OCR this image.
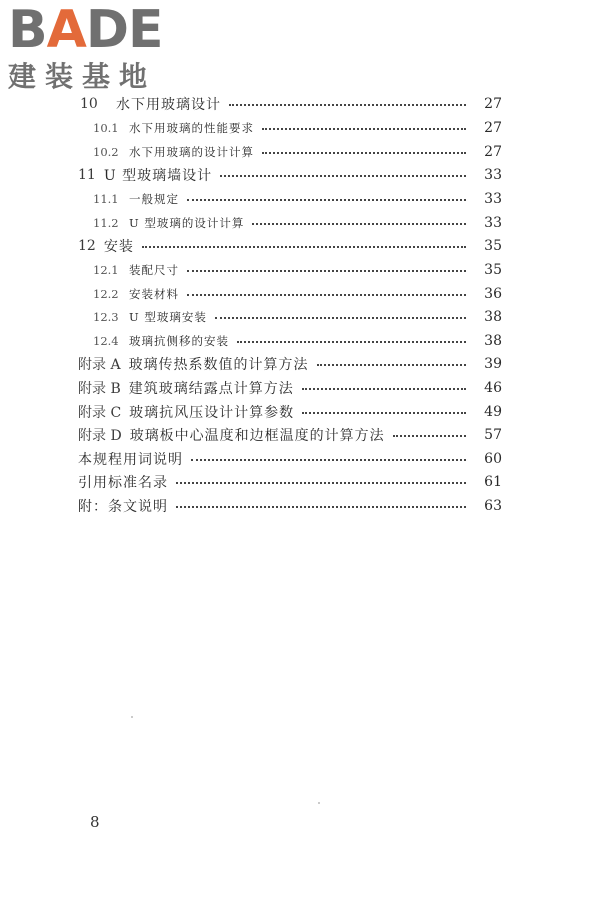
BADE
建装基地
10	水下用玻璃设计	27
10.1 水下用玻璃的性能要求	27
10.2 水下用玻璃的设计计算	27
11 U 型玻璃墙设计	33
11.1 一般规定	33
11.2 U 型玻璃的设计计算	33
12 安装	35
12.1 装配尺寸	35
12.2 安装材料	36
12.3 U 型玻璃安装	38
12.4 玻璃抗侧移的安装	38
附录 A 玻璃传热系数值的计算方法	39
附录 B 建筑玻璃结露点计算方法	46
附录 C 玻璃抗风压设计计算参数	49
附录 D 玻璃板中心温度和边框温度的计算方法	57
本规程用词说明	60
引用标准名录	61
附：条文说明	63
8
